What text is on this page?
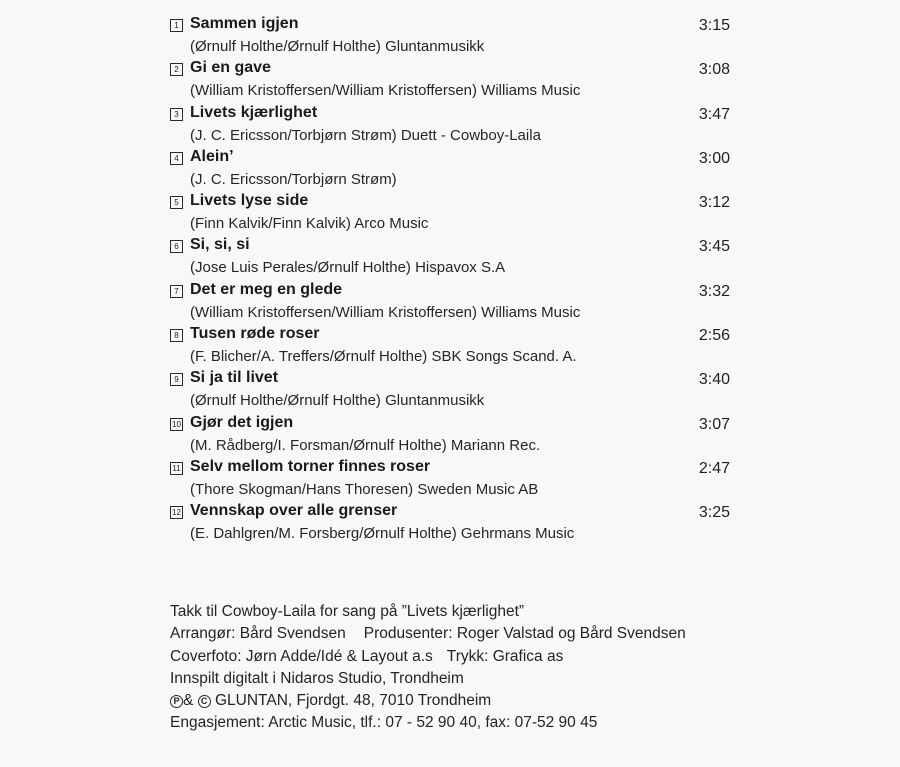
1 Sammen igjen
(Ørnulf Holthe/Ørnulf Holthe) Gluntanmusikk
3:15
2 Gi en gave
(William Kristoffersen/William Kristoffersen) Williams Music
3:08
3 Livets kjærlighet
(J. C. Ericsson/Torbjørn Strøm) Duett - Cowboy-Laila
3:47
4 Alein’
(J. C. Ericsson/Torbjørn Strøm)
3:00
5 Livets lyse side
(Finn Kalvik/Finn Kalvik) Arco Music
3:12
6 Si, si, si
(Jose Luis Perales/Ørnulf Holthe) Hispavox S.A
3:45
7 Det er meg en glede
(William Kristoffersen/William Kristoffersen) Williams Music
3:32
8 Tusen røde roser
(F. Blicher/A. Treffers/Ørnulf Holthe) SBK Songs Scand. A.
2:56
9 Si ja til livet
(Ørnulf Holthe/Ørnulf Holthe) Gluntanmusikk
3:40
10 Gjør det igjen
(M. Rådberg/I. Forsman/Ørnulf Holthe) Mariann Rec.
3:07
11 Selv mellom torner finnes roser
(Thore Skogman/Hans Thoresen) Sweden Music AB
2:47
12 Vennskap over alle grenser
(E. Dahlgren/M. Forsberg/Ørnulf Holthe) Gehrmans Music
3:25
Takk til Cowboy-Laila for sang på ”Livets kjærlighet”
Arrangør: Bård Svendsen Produsenter: Roger Valstad og Bård Svendsen
Coverfoto: Jørn Adde/Idé & Layout a.s Trykk: Grafica as
Innspilt digitalt i Nidaros Studio, Trondheim
P & C GLUNTAN, Fjordgt. 48, 7010 Trondheim
Engasjement: Arctic Music, tlf.: 07 - 52 90 40, fax: 07-52 90 45
